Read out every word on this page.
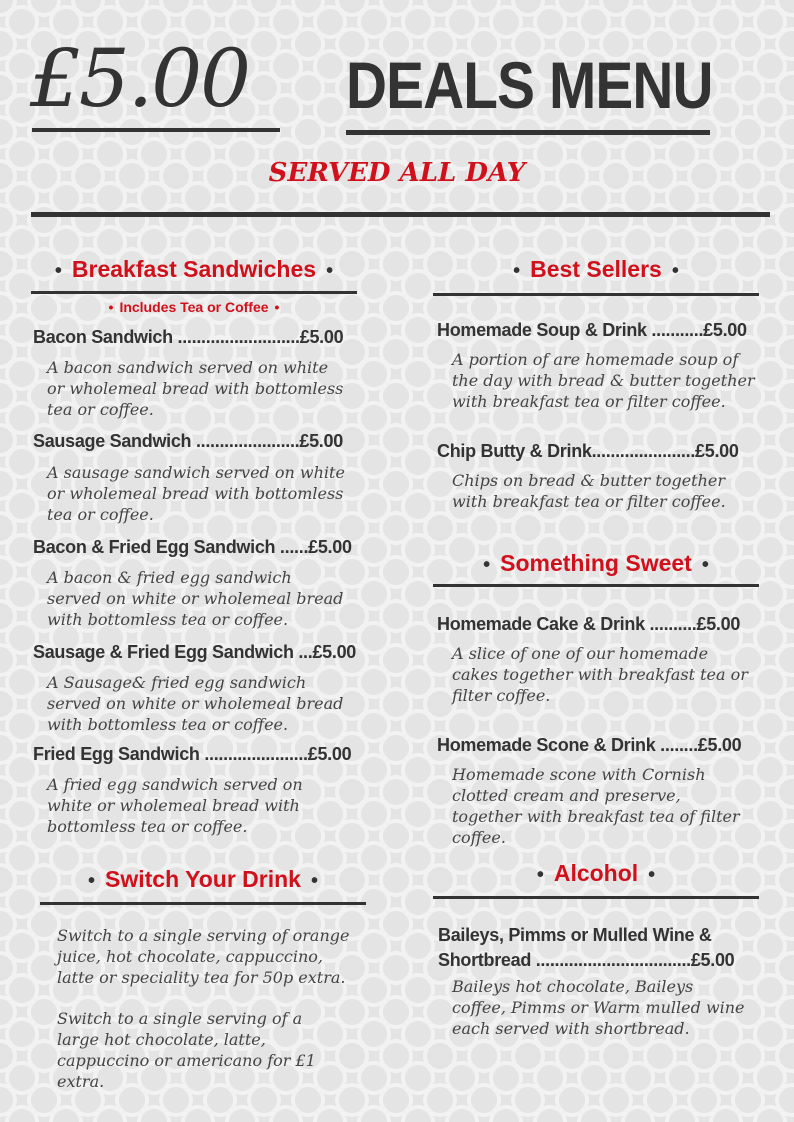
£5.00	DEALS MENU
SERVED ALL DAY
• Breakfast Sandwiches •
• Includes Tea or Coffee •
Bacon Sandwich ..........................£5.00
A bacon sandwich served on white or wholemeal bread with bottomless tea or coffee.
Sausage Sandwich ......................£5.00
A sausage sandwich served on white or wholemeal bread with bottomless tea or coffee.
Bacon & Fried Egg Sandwich ......£5.00
A bacon & fried egg sandwich served on white or wholemeal bread with bottomless tea or coffee.
Sausage & Fried Egg Sandwich ...£5.00
A Sausage& fried egg sandwich served on white or wholemeal bread with bottomless tea or coffee.
Fried Egg Sandwich ......................£5.00
A fried egg sandwich served on white or wholemeal bread with bottomless tea or coffee.
• Switch Your Drink •
Switch to a single serving of orange juice, hot chocolate, cappuccino, latte or speciality tea for 50p extra.
Switch to a single serving of a large hot chocolate, latte, cappuccino or americano for £1 extra.
• Best Sellers •
Homemade Soup & Drink ...........£5.00
A portion of are homemade soup of the day with bread & butter together with breakfast tea or filter coffee.
Chip Butty & Drink......................£5.00
Chips on bread & butter together with breakfast tea or filter coffee.
• Something Sweet •
Homemade Cake & Drink ..........£5.00
A slice of one of our homemade cakes together with breakfast tea or filter coffee.
Homemade Scone & Drink ........£5.00
Homemade scone with Cornish clotted cream and preserve, together with breakfast tea of filter coffee.
• Alcohol •
Baileys, Pimms or Mulled Wine &
Shortbread .................................£5.00
Baileys hot chocolate, Baileys coffee, Pimms or Warm mulled wine each served with shortbread.
